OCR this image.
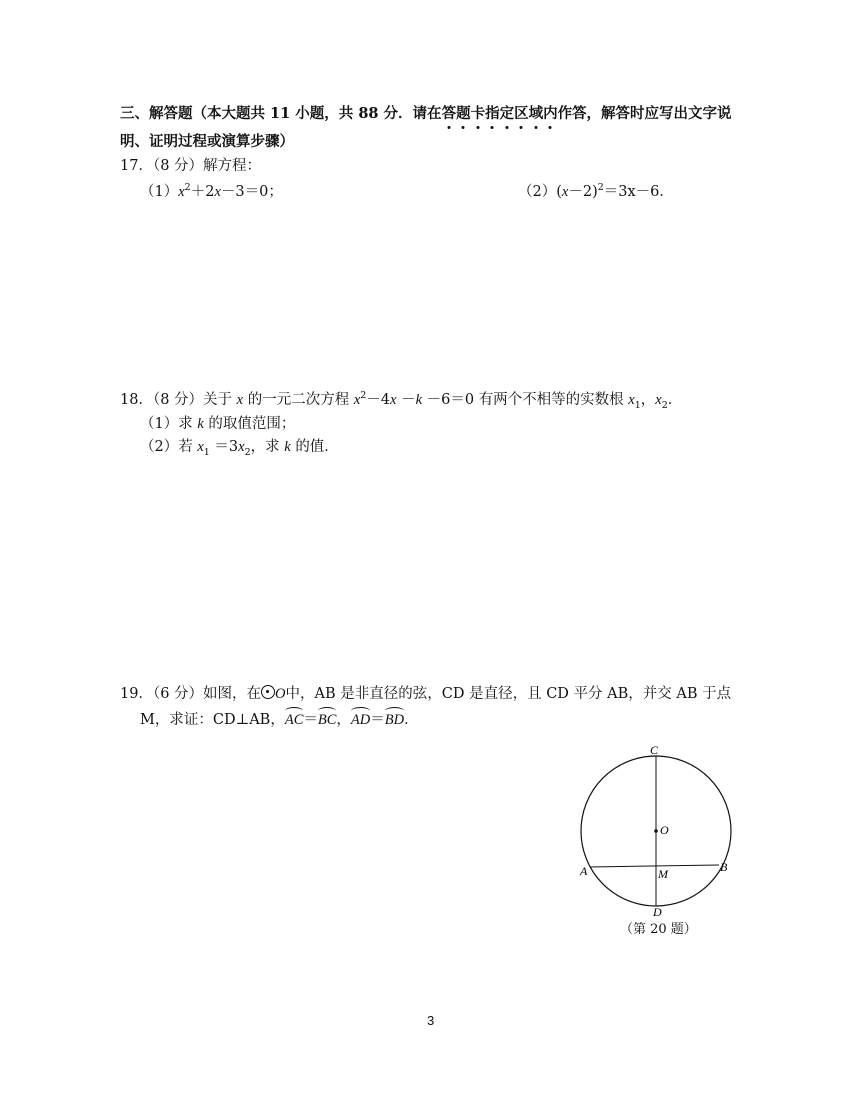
三、解答题（本大题共 11 小题，共 88 分．请在答题卡指定区域内作答，解答时应写出文字说
明、证明过程或演算步骤）
17．（8 分）解方程：
$(1)x^2+2x-3=0$；	$(2)(x-2)^2=3x-6$．
18．（8 分）关于 x 的一元二次方程 $x^2-4x -k -6=0$ 有两个不相等的实数根 $x_1$，$x_2$．
（1）求 k 的取值范围；
（2）若 $x_1 =3x_2$，求 k 的值．
19．（6 分）如图，在 O中，AB 是非直径的弦，CD 是直径，且 CD 平分 AB，并交 AB 于点
M，求证：CD⊥AB，AC＝BC，AD＝BD．
C
O
A	M	B
D
（第 20 题）
3
